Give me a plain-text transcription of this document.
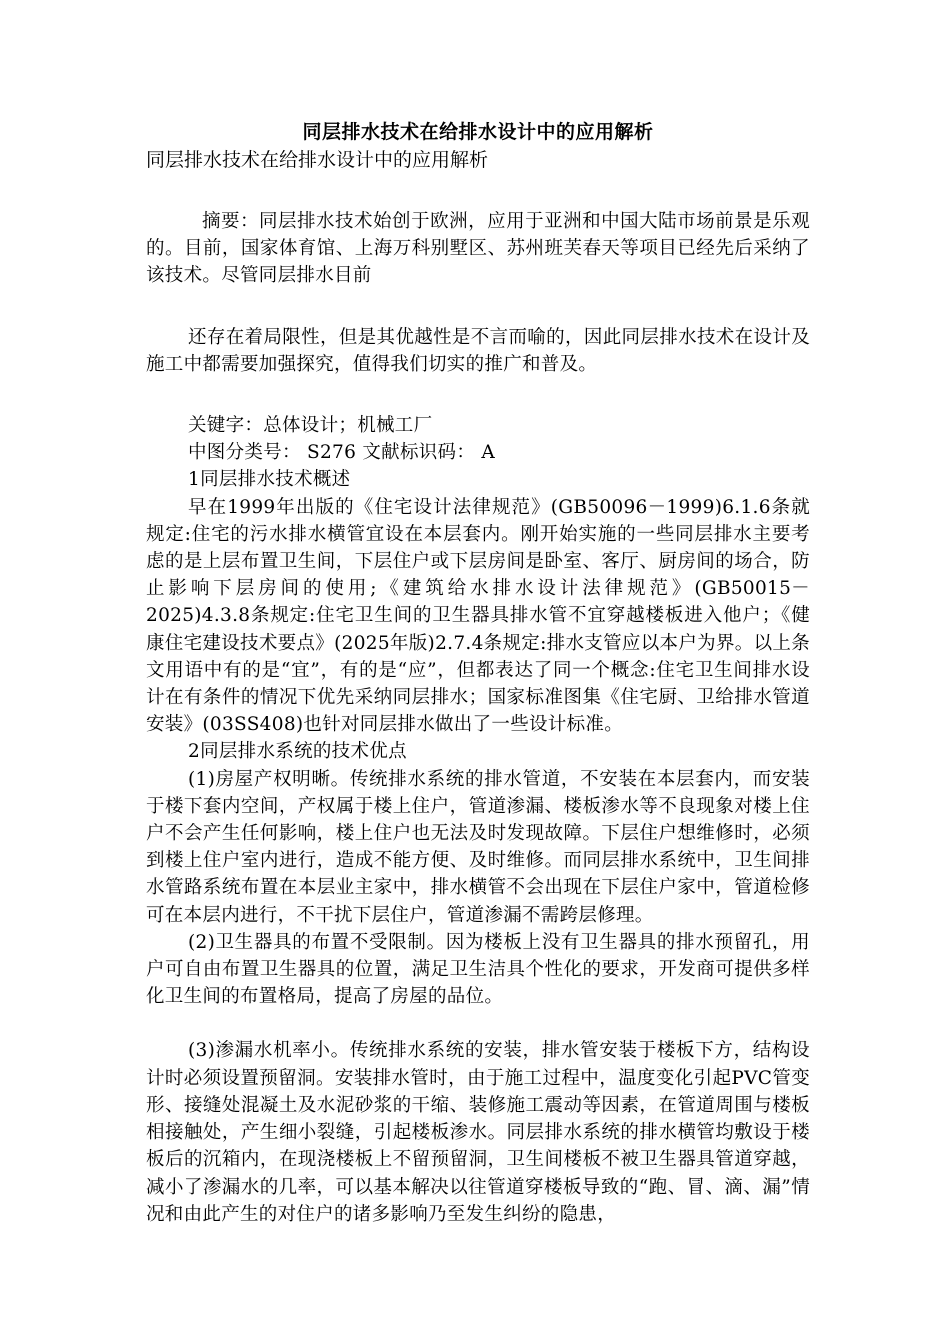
同层排水技术在给排水设计中的应用解析
同层排水技术在给排水设计中的应用解析

摘要：同层排水技术始创于欧洲，应用于亚洲和中国大陆市场前景是乐观的。目前，国家体育馆、上海万科别墅区、苏州班芙春天等项目已经先后采纳了该技术。尽管同层排水目前

还存在着局限性，但是其优越性是不言而喻的，因此同层排水技术在设计及施工中都需要加强探究，值得我们切实的推广和普及。

关键字：总体设计；机械工厂

中图分类号： S276 文献标识码： A

1同层排水技术概述

早在1999年出版的《住宅设计法律规范》(GB50096－1999)6.1.6条就规定:住宅的污水排水横管宜设在本层套内。刚开始实施的一些同层排水主要考虑的是上层布置卫生间，下层住户或下层房间是卧室、客厅、厨房间的场合，防止影响下层房间的使用;《建筑给水排水设计法律规范》(GB50015－2025)4.3.8条规定:住宅卫生间的卫生器具排水管不宜穿越楼板进入他户；《健康住宅建设技术要点》(2025年版)2.7.4条规定:排水支管应以本户为界。以上条文用语中有的是“宜”，有的是“应”，但都表达了同一个概念:住宅卫生间排水设计在有条件的情况下优先采纳同层排水；国家标准图集《住宅厨、卫给排水管道安装》(03SS408)也针对同层排水做出了一些设计标准。

2同层排水系统的技术优点

(1)房屋产权明晰。传统排水系统的排水管道，不安装在本层套内，而安装于楼下套内空间，产权属于楼上住户，管道渗漏、楼板渗水等不良现象对楼上住户不会产生任何影响，楼上住户也无法及时发现故障。下层住户想维修时，必须到楼上住户室内进行，造成不能方便、及时维修。而同层排水系统中，卫生间排水管路系统布置在本层业主家中，排水横管不会出现在下层住户家中，管道检修可在本层内进行，不干扰下层住户，管道渗漏不需跨层修理。

(2)卫生器具的布置不受限制。因为楼板上没有卫生器具的排水预留孔，用户可自由布置卫生器具的位置，满足卫生洁具个性化的要求，开发商可提供多样化卫生间的布置格局，提高了房屋的品位。

(3)渗漏水机率小。传统排水系统的安装，排水管安装于楼板下方，结构设计时必须设置预留洞。安装排水管时，由于施工过程中，温度变化引起PVC管变形、接缝处混凝土及水泥砂浆的干缩、装修施工震动等因素，在管道周围与楼板相接触处，产生细小裂缝，引起楼板渗水。同层排水系统的排水横管均敷设于楼板后的沉箱内，在现浇楼板上不留预留洞，卫生间楼板不被卫生器具管道穿越，减小了渗漏水的几率，可以基本解决以往管道穿楼板导致的“跑、冒、滴、漏”情况和由此产生的对住户的诸多影响乃至发生纠纷的隐患，
